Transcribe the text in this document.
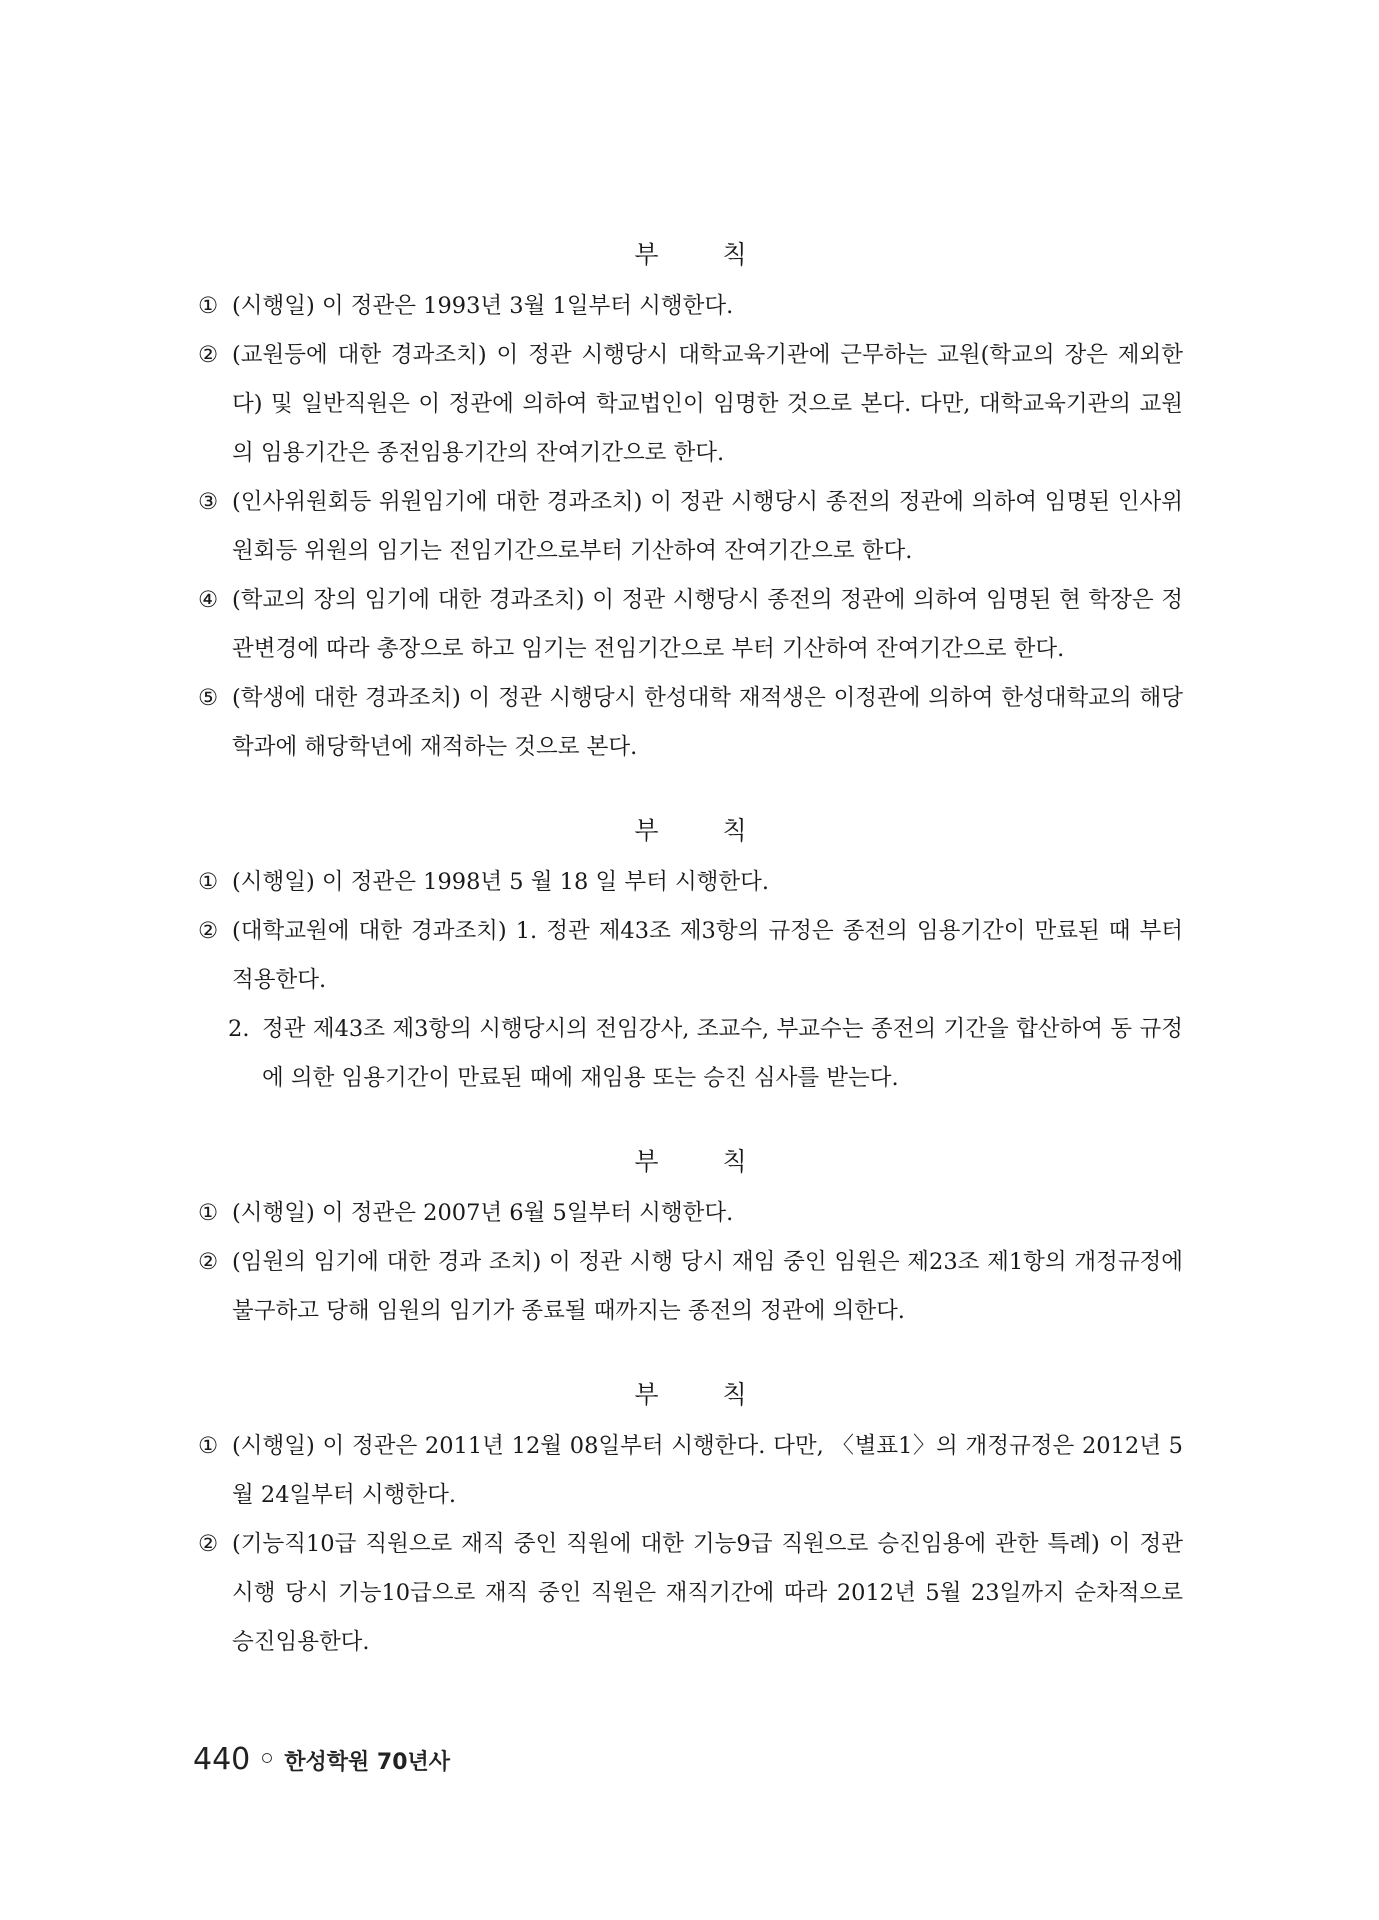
부 칙

① (시행일) 이 정관은 1993년 3월 1일부터 시행한다.
② (교원등에 대한 경과조치) 이 정관 시행당시 대학교육기관에 근무하는 교원(학교의 장은 제외한다) 및 일반직원은 이 정관에 의하여 학교법인이 임명한 것으로 본다. 다만, 대학교육기관의 교원의 임용기간은 종전임용기간의 잔여기간으로 한다.
③ (인사위원회등 위원임기에 대한 경과조치) 이 정관 시행당시 종전의 정관에 의하여 임명된 인사위원회등 위원의 임기는 전임기간으로부터 기산하여 잔여기간으로 한다.
④ (학교의 장의 임기에 대한 경과조치) 이 정관 시행당시 종전의 정관에 의하여 임명된 현 학장은 정관변경에 따라 총장으로 하고 임기는 전임기간으로 부터 기산하여 잔여기간으로 한다.
⑤ (학생에 대한 경과조치) 이 정관 시행당시 한성대학 재적생은 이정관에 의하여 한성대학교의 해당학과에 해당학년에 재적하는 것으로 본다.

부 칙

① (시행일) 이 정관은 1998년 5 월 18 일 부터 시행한다.
② (대학교원에 대한 경과조치) 1. 정관 제43조 제3항의 규정은 종전의 임용기간이 만료된 때 부터 적용한다.
2. 정관 제43조 제3항의 시행당시의 전임강사, 조교수, 부교수는 종전의 기간을 합산하여 동 규정에 의한 임용기간이 만료된 때에 재임용 또는 승진 심사를 받는다.

부 칙

① (시행일) 이 정관은 2007년 6월 5일부터 시행한다.
② (임원의 임기에 대한 경과 조치) 이 정관 시행 당시 재임 중인 임원은 제23조 제1항의 개정규정에 불구하고 당해 임원의 임기가 종료될 때까지는 종전의 정관에 의한다.

부 칙

① (시행일) 이 정관은 2011년 12월 08일부터 시행한다. 다만, 〈별표1〉의 개정규정은 2012년 5월 24일부터 시행한다.
② (기능직10급 직원으로 재직 중인 직원에 대한 기능9급 직원으로 승진임용에 관한 특례) 이 정관 시행 당시 기능10급으로 재직 중인 직원은 재직기간에 따라 2012년 5월 23일까지 순차적으로 승진임용한다.
440 한성학원 70년사
